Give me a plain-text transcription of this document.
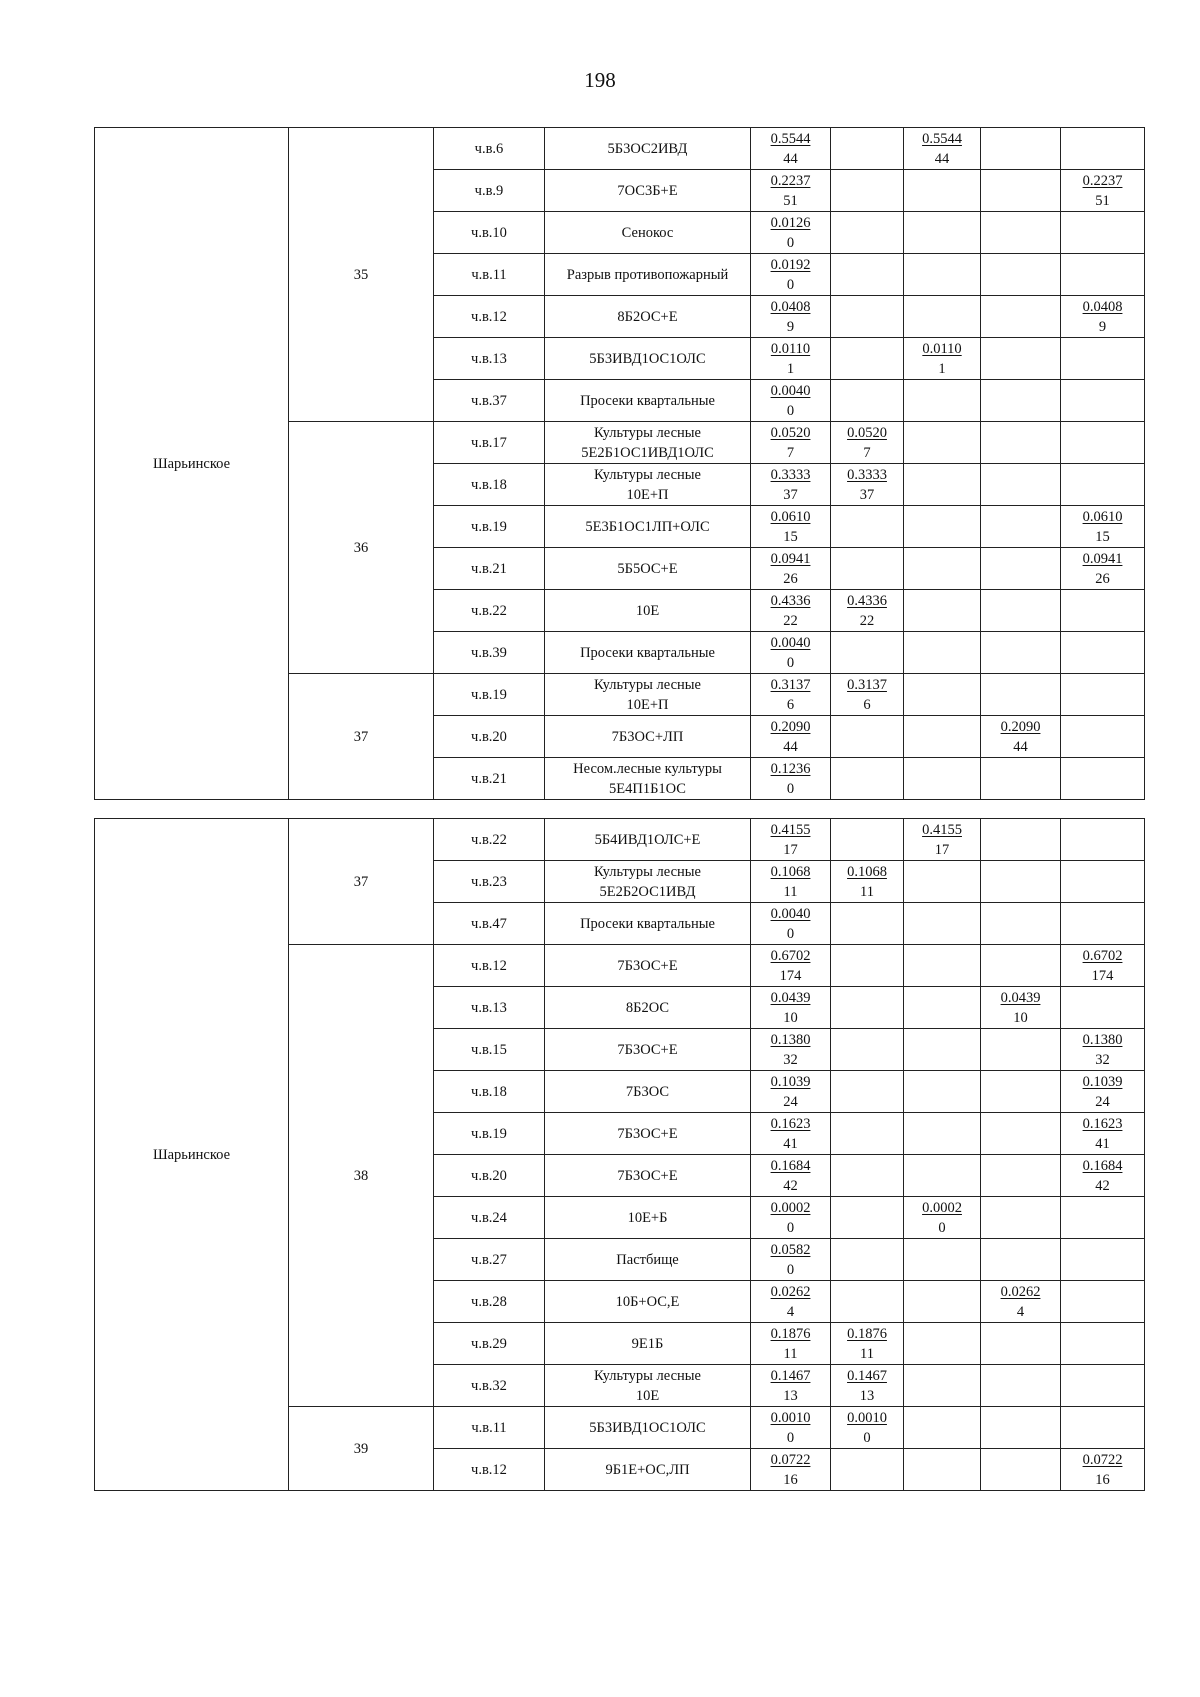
198
Шарьинское	35	ч.в.6	5Б3ОС2ИВД	$\frac{0.5544}{44}$		$\frac{0.5544}{44}$

		ч.в.9	7ОС3Б+Е	$\frac{0.2237}{51}$				$\frac{0.2237}{51}$

		ч.в.10	Сенокос	$\frac{0.0126}{0}$

		ч.в.11	Разрыв противопожарный	$\frac{0.0192}{0}$

		ч.в.12	8Б2ОС+Е	$\frac{0.0408}{9}$				$\frac{0.0408}{9}$

		ч.в.13	5Б3ИВД1ОС1ОЛС	$\frac{0.0110}{1}$		$\frac{0.0110}{1}$

		ч.в.37	Просеки квартальные	$\frac{0.0040}{0}$

	36	ч.в.17	Культуры лесные
5Е2Б1ОС1ИВД1ОЛС	$\frac{0.0520}{7}$	$\frac{0.0520}{7}$

		ч.в.18	Культуры лесные
10Е+П	$\frac{0.3333}{37}$	$\frac{0.3333}{37}$

		ч.в.19	5Е3Б1ОС1ЛП+ОЛС	$\frac{0.0610}{15}$				$\frac{0.0610}{15}$

		ч.в.21	5Б5ОС+Е	$\frac{0.0941}{26}$				$\frac{0.0941}{26}$

		ч.в.22	10Е	$\frac{0.4336}{22}$	$\frac{0.4336}{22}$

		ч.в.39	Просеки квартальные	$\frac{0.0040}{0}$

	37	ч.в.19	Культуры лесные
10Е+П	$\frac{0.3137}{6}$	$\frac{0.3137}{6}$

		ч.в.20	7Б3ОС+ЛП	$\frac{0.2090}{44}$			$\frac{0.2090}{44}$

		ч.в.21	Несом.лесные культуры
5Е4П1Б1ОС	$\frac{0.1236}{0}$

Шарьинское	37	ч.в.22	5Б4ИВД1ОЛС+Е	$\frac{0.4155}{17}$		$\frac{0.4155}{17}$

		ч.в.23	Культуры лесные
5Е2Б2ОС1ИВД	$\frac{0.1068}{11}$	$\frac{0.1068}{11}$

		ч.в.47	Просеки квартальные	$\frac{0.0040}{0}$

	38	ч.в.12	7Б3ОС+Е	$\frac{0.6702}{174}$				$\frac{0.6702}{174}$

		ч.в.13	8Б2ОС	$\frac{0.0439}{10}$			$\frac{0.0439}{10}$

		ч.в.15	7Б3ОС+Е	$\frac{0.1380}{32}$				$\frac{0.1380}{32}$

		ч.в.18	7Б3ОС	$\frac{0.1039}{24}$				$\frac{0.1039}{24}$

		ч.в.19	7Б3ОС+Е	$\frac{0.1623}{41}$				$\frac{0.1623}{41}$

		ч.в.20	7Б3ОС+Е	$\frac{0.1684}{42}$				$\frac{0.1684}{42}$

		ч.в.24	10Е+Б	$\frac{0.0002}{0}$		$\frac{0.0002}{0}$

		ч.в.27	Пастбище	$\frac{0.0582}{0}$

		ч.в.28	10Б+ОС,Е	$\frac{0.0262}{4}$			$\frac{0.0262}{4}$

		ч.в.29	9Е1Б	$\frac{0.1876}{11}$	$\frac{0.1876}{11}$

		ч.в.32	Культуры лесные
10Е	$\frac{0.1467}{13}$	$\frac{0.1467}{13}$

	39	ч.в.11	5Б3ИВД1ОС1ОЛС	$\frac{0.0010}{0}$	$\frac{0.0010}{0}$

		ч.в.12	9Б1Е+ОС,ЛП	$\frac{0.0722}{16}$				$\frac{0.0722}{16}$
